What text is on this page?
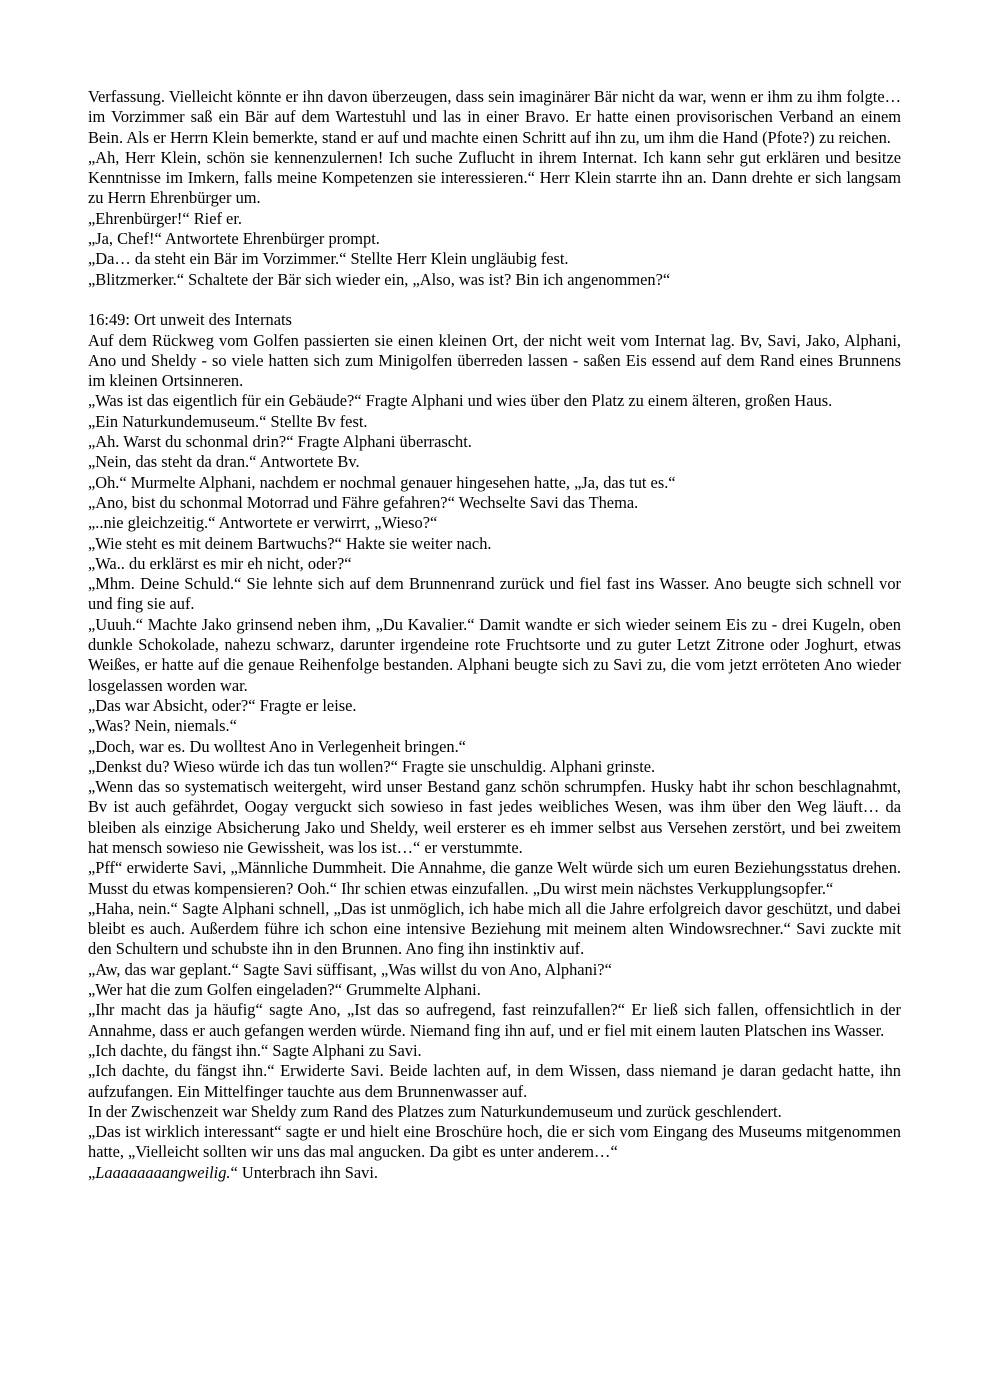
Verfassung. Vielleicht könnte er ihn davon überzeugen, dass sein imaginärer Bär nicht da war, wenn er ihm zu ihm folgte… im Vorzimmer saß ein Bär auf dem Wartestuhl und las in einer Bravo. Er hatte einen provisorischen Verband an einem Bein. Als er Herrn Klein bemerkte, stand er auf und machte einen Schritt auf ihn zu, um ihm die Hand (Pfote?) zu reichen.
„Ah, Herr Klein, schön sie kennenzulernen! Ich suche Zuflucht in ihrem Internat. Ich kann sehr gut erklären und besitze Kenntnisse im Imkern, falls meine Kompetenzen sie interessieren.“ Herr Klein starrte ihn an. Dann drehte er sich langsam zu Herrn Ehrenbürger um.
„Ehrenbürger!“ Rief er.
„Ja, Chef!“ Antwortete Ehrenbürger prompt.
„Da… da steht ein Bär im Vorzimmer.“ Stellte Herr Klein ungläubig fest.
„Blitzmerker.“ Schaltete der Bär sich wieder ein, „Also, was ist? Bin ich angenommen?“
16:49: Ort unweit des Internats
Auf dem Rückweg vom Golfen passierten sie einen kleinen Ort, der nicht weit vom Internat lag. Bv, Savi, Jako, Alphani, Ano und Sheldy - so viele hatten sich zum Minigolfen überreden lassen - saßen Eis essend auf dem Rand eines Brunnens im kleinen Ortsinneren.
„Was ist das eigentlich für ein Gebäude?“ Fragte Alphani und wies über den Platz zu einem älteren, großen Haus.
„Ein Naturkundemuseum.“ Stellte Bv fest.
„Ah. Warst du schonmal drin?“ Fragte Alphani überrascht.
„Nein, das steht da dran.“ Antwortete Bv.
„Oh.“ Murmelte Alphani, nachdem er nochmal genauer hingesehen hatte, „Ja, das tut es.“
„Ano, bist du schonmal Motorrad und Fähre gefahren?“ Wechselte Savi das Thema.
„..nie gleichzeitig.“ Antwortete er verwirrt, „Wieso?“
„Wie steht es mit deinem Bartwuchs?“ Hakte sie weiter nach.
„Wa.. du erklärst es mir eh nicht, oder?“
„Mhm. Deine Schuld.“ Sie lehnte sich auf dem Brunnenrand zurück und fiel fast ins Wasser. Ano beugte sich schnell vor und fing sie auf.
„Uuuh.“ Machte Jako grinsend neben ihm, „Du Kavalier.“ Damit wandte er sich wieder seinem Eis zu - drei Kugeln, oben dunkle Schokolade, nahezu schwarz, darunter irgendeine rote Fruchtsorte und zu guter Letzt Zitrone oder Joghurt, etwas Weißes, er hatte auf die genaue Reihenfolge bestanden. Alphani beugte sich zu Savi zu, die vom jetzt erröteten Ano wieder losgelassen worden war.
„Das war Absicht, oder?“ Fragte er leise.
„Was? Nein, niemals.“
„Doch, war es. Du wolltest Ano in Verlegenheit bringen.“
„Denkst du? Wieso würde ich das tun wollen?“ Fragte sie unschuldig. Alphani grinste.
„Wenn das so systematisch weitergeht, wird unser Bestand ganz schön schrumpfen. Husky habt ihr schon beschlagnahmt, Bv ist auch gefährdet, Oogay verguckt sich sowieso in fast jedes weibliches Wesen, was ihm über den Weg läuft… da bleiben als einzige Absicherung Jako und Sheldy, weil ersterer es eh immer selbst aus Versehen zerstört, und bei zweitem hat mensch sowieso nie Gewissheit, was los ist…“ er verstummte.
„Pff“ erwiderte Savi, „Männliche Dummheit. Die Annahme, die ganze Welt würde sich um euren Beziehungsstatus drehen. Musst du etwas kompensieren? Ooh.“ Ihr schien etwas einzufallen. „Du wirst mein nächstes Verkupplungsopfer.“
„Haha, nein.“ Sagte Alphani schnell, „Das ist unmöglich, ich habe mich all die Jahre erfolgreich davor geschützt, und dabei bleibt es auch. Außerdem führe ich schon eine intensive Beziehung mit meinem alten Windowsrechner.“ Savi zuckte mit den Schultern und schubste ihn in den Brunnen. Ano fing ihn instinktiv auf.
„Aw, das war geplant.“ Sagte Savi süffisant, „Was willst du von Ano, Alphani?“
„Wer hat die zum Golfen eingeladen?“ Grummelte Alphani.
„Ihr macht das ja häufig“ sagte Ano, „Ist das so aufregend, fast reinzufallen?“ Er ließ sich fallen, offensichtlich in der Annahme, dass er auch gefangen werden würde. Niemand fing ihn auf, und er fiel mit einem lauten Platschen ins Wasser.
„Ich dachte, du fängst ihn.“ Sagte Alphani zu Savi.
„Ich dachte, du fängst ihn.“ Erwiderte Savi. Beide lachten auf, in dem Wissen, dass niemand je daran gedacht hatte, ihn aufzufangen. Ein Mittelfinger tauchte aus dem Brunnenwasser auf.
In der Zwischenzeit war Sheldy zum Rand des Platzes zum Naturkundemuseum und zurück geschlendert.
„Das ist wirklich interessant“ sagte er und hielt eine Broschüre hoch, die er sich vom Eingang des Museums mitgenommen hatte, „Vielleicht sollten wir uns das mal angucken. Da gibt es unter anderem…“
„Laaaaaaaangweilig.“ Unterbrach ihn Savi.
